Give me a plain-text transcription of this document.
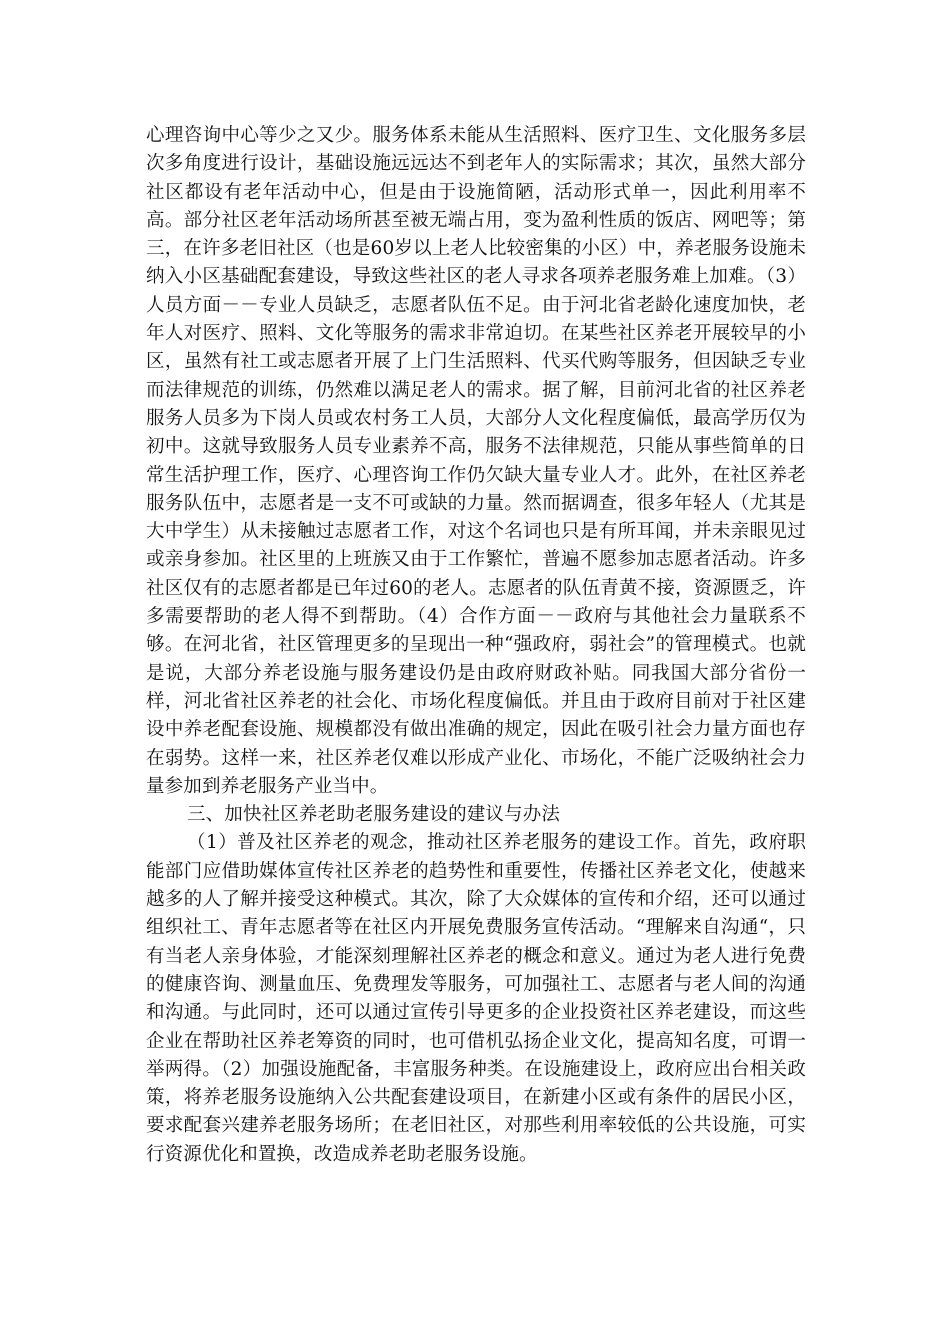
心理咨询中心等少之又少。服务体系未能从生活照料、医疗卫生、文化服务多层次多角度进行设计，基础设施远远达不到老年人的实际需求；其次，虽然大部分社区都设有老年活动中心，但是由于设施简陋，活动形式单一，因此利用率不高。部分社区老年活动场所甚至被无端占用，变为盈利性质的饭店、网吧等；第三，在许多老旧社区（也是60岁以上老人比较密集的小区）中，养老服务设施未纳入小区基础配套建设，导致这些社区的老人寻求各项养老服务难上加难。（3）人员方面－－专业人员缺乏，志愿者队伍不足。由于河北省老龄化速度加快，老年人对医疗、照料、文化等服务的需求非常迫切。在某些社区养老开展较早的小区，虽然有社工或志愿者开展了上门生活照料、代买代购等服务，但因缺乏专业而法律规范的训练，仍然难以满足老人的需求。据了解，目前河北省的社区养老服务人员多为下岗人员或农村务工人员，大部分人文化程度偏低，最高学历仅为初中。这就导致服务人员专业素养不高，服务不法律规范，只能从事些简单的日常生活护理工作，医疗、心理咨询工作仍欠缺大量专业人才。此外，在社区养老服务队伍中，志愿者是一支不可或缺的力量。然而据调查，很多年轻人（尤其是大中学生）从未接触过志愿者工作，对这个名词也只是有所耳闻，并未亲眼见过或亲身参加。社区里的上班族又由于工作繁忙，普遍不愿参加志愿者活动。许多社区仅有的志愿者都是已年过60的老人。志愿者的队伍青黄不接，资源匮乏，许多需要帮助的老人得不到帮助。（4）合作方面－－政府与其他社会力量联系不够。在河北省，社区管理更多的呈现出一种“强政府，弱社会”的管理模式。也就是说，大部分养老设施与服务建设仍是由政府财政补贴。同我国大部分省份一样，河北省社区养老的社会化、市场化程度偏低。并且由于政府目前对于社区建设中养老配套设施、规模都没有做出准确的规定，因此在吸引社会力量方面也存在弱势。这样一来，社区养老仅难以形成产业化、市场化，不能广泛吸纳社会力量参加到养老服务产业当中。

三、加快社区养老助老服务建设的建议与办法

（1）普及社区养老的观念，推动社区养老服务的建设工作。首先，政府职能部门应借助媒体宣传社区养老的趋势性和重要性，传播社区养老文化，使越来越多的人了解并接受这种模式。其次，除了大众媒体的宣传和介绍，还可以通过组织社工、青年志愿者等在社区内开展免费服务宣传活动。“理解来自沟通“，只有当老人亲身体验，才能深刻理解社区养老的概念和意义。通过为老人进行免费的健康咨询、测量血压、免费理发等服务，可加强社工、志愿者与老人间的沟通和沟通。与此同时，还可以通过宣传引导更多的企业投资社区养老建设，而这些企业在帮助社区养老筹资的同时，也可借机弘扬企业文化，提高知名度，可谓一举两得。（2）加强设施配备，丰富服务种类。在设施建设上，政府应出台相关政策，将养老服务设施纳入公共配套建设项目，在新建小区或有条件的居民小区，要求配套兴建养老服务场所；在老旧社区，对那些利用率较低的公共设施，可实行资源优化和置换，改造成养老助老服务设施。
